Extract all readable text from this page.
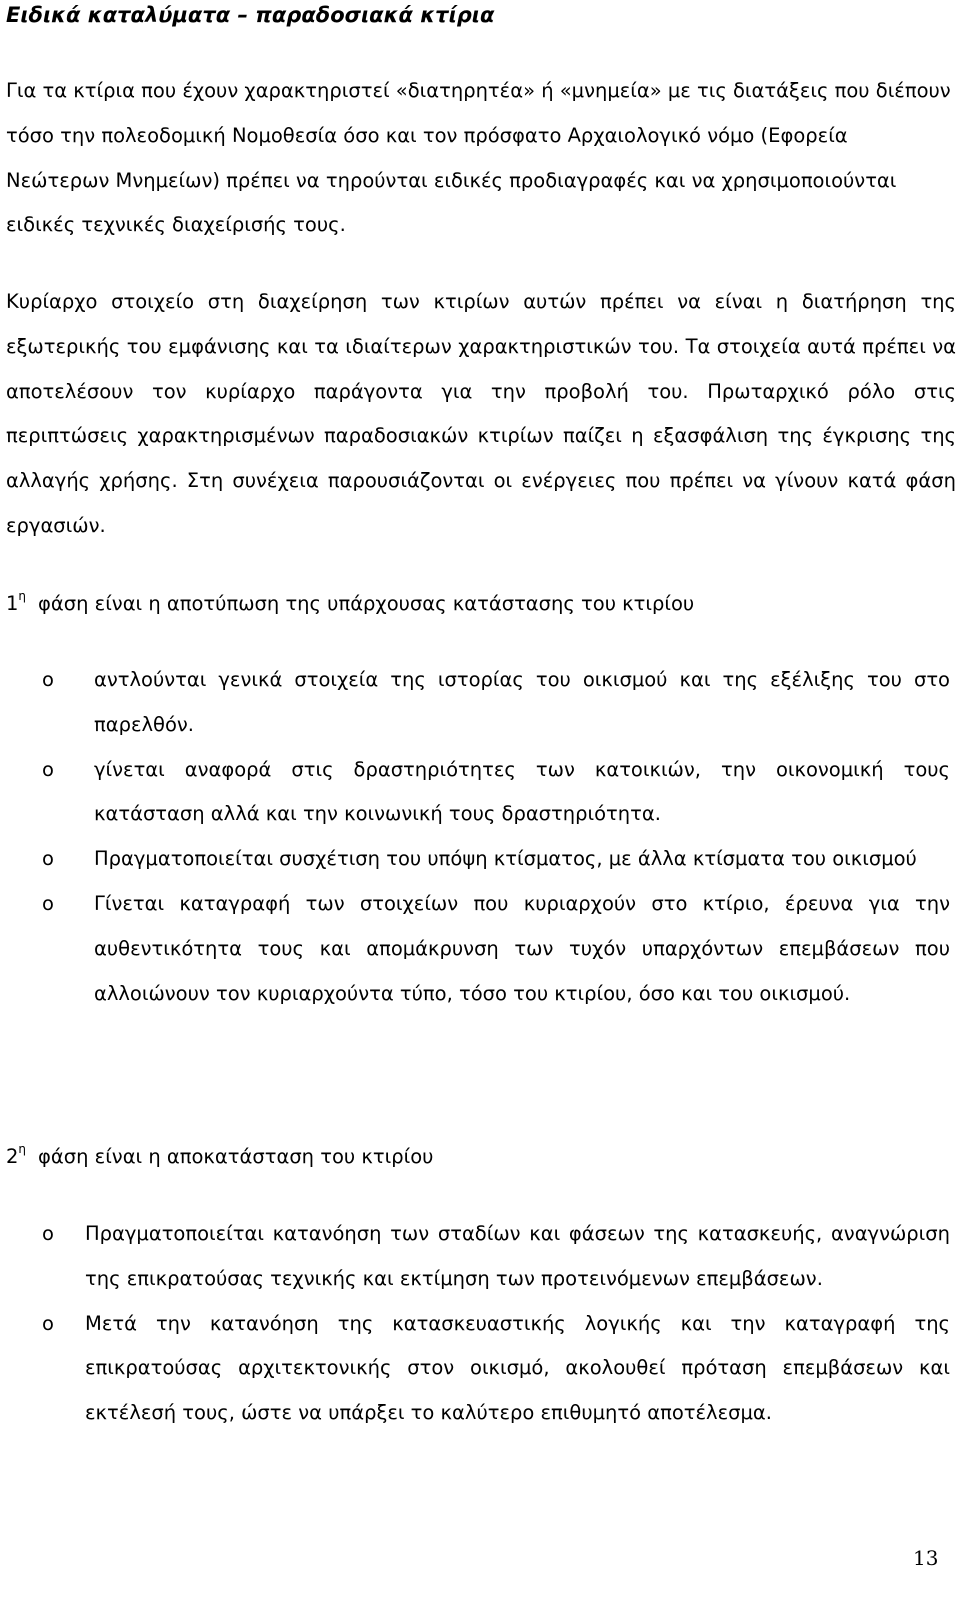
Ειδικά καταλύματα – παραδοσιακά κτίρια

Για τα κτίρια που έχουν χαρακτηριστεί «διατηρητέα» ή «μνημεία» με τις διατάξεις που διέπουν τόσο την πολεοδομική Νομοθεσία όσο και τον πρόσφατο Αρχαιολογικό νόμο (Εφορεία Νεώτερων Μνημείων) πρέπει να τηρούνται ειδικές προδιαγραφές και να χρησιμοποιούνται ειδικές τεχνικές διαχείρισής τους.

Κυρίαρχο στοιχείο στη διαχείρηση των κτιρίων αυτών πρέπει να είναι η διατήρηση της εξωτερικής του εμφάνισης και τα ιδιαίτερων χαρακτηριστικών του. Τα στοιχεία αυτά πρέπει να αποτελέσουν τον κυρίαρχο παράγοντα για την προβολή του. Πρωταρχικό ρόλο στις περιπτώσεις χαρακτηρισμένων παραδοσιακών κτιρίων παίζει η εξασφάλιση της έγκρισης της αλλαγής χρήσης. Στη συνέχεια παρουσιάζονται οι ενέργειες που πρέπει να γίνουν κατά φάση εργασιών.

$1^\eta$ φάση είναι η αποτύπωση της υπάρχουσας κατάστασης του κτιρίου
o αντλούνται γενικά στοιχεία της ιστορίας του οικισμού και της εξέλιξης του στο παρελθόν.
o γίνεται αναφορά στις δραστηριότητες των κατοικιών, την οικονομική τους κατάσταση αλλά και την κοινωνική τους δραστηριότητα.
o Πραγματοποιείται συσχέτιση του υπόψη κτίσματος, με άλλα κτίσματα του οικισμού
o Γίνεται καταγραφή των στοιχείων που κυριαρχούν στο κτίριο, έρευνα για την αυθεντικότητα τους και απομάκρυνση των τυχόν υπαρχόντων επεμβάσεων που αλλοιώνουν τον κυριαρχούντα τύπο, τόσο του κτιρίου, όσο και του οικισμού.
$2^\eta$ φάση είναι η αποκατάσταση του κτιρίου
o Πραγματοποιείται κατανόηση των σταδίων και φάσεων της κατασκευής, αναγνώριση της επικρατούσας τεχνικής και εκτίμηση των προτεινόμενων επεμβάσεων.
o Μετά την κατανόηση της κατασκευαστικής λογικής και την καταγραφή της επικρατούσας αρχιτεκτονικής στον οικισμό, ακολουθεί πρόταση επεμβάσεων και εκτέλεσή τους, ώστε να υπάρξει το καλύτερο επιθυμητό αποτέλεσμα.
13
